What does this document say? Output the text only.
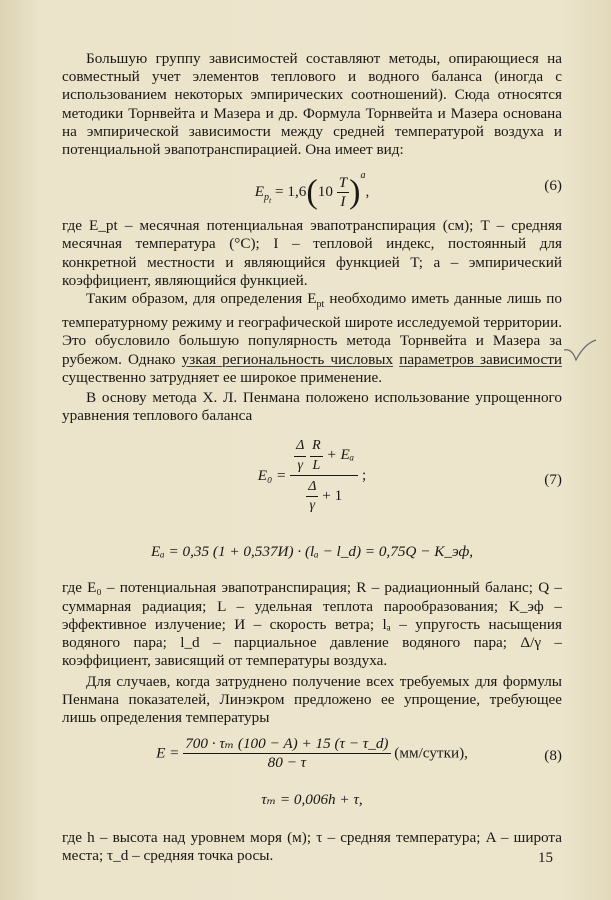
Большую группу зависимостей составляют методы, опирающиеся на совместный учет элементов теплового и водного баланса (иногда с использованием некоторых эмпирических соотношений). Сюда относятся методики Торнвейта и Мазера и др. Формула Торнвейта и Мазера основана на эмпирической зависимости между средней температурой воздуха и потенциальной эвапотранспирацией. Она имеет вид:

$E_{p_t} = 1,6(10 \frac{T}{I} )^a$,	(6)

где E_pt – месячная потенциальная эвапотранспирация (см); T – средняя месячная температура (°C); I – тепловой индекс, постоянный для конкретной местности и являющийся функцией T; a – эмпирический коэффициент, являющийся функцией.

Таким образом, для определения $E_{pt}$ необходимо иметь данные лишь по температурному режиму и географической широте исследуемой территории. Это обусловило большую популярность метода Торнвейта и Мазера за рубежом. Однако узкая региональность числовых параметров зависимости существенно затрудняет ее широкое применение.

В основу метода Х. Л. Пенмана положено использование упрощенного уравнения теплового баланса

$E_0 = \frac{\Delta}{\gamma}$
$\frac{R}{L} + E_a$
$\frac{\Delta}{\gamma} + 1$ ;	(7)
Eₐ = 0,35 (1 + 0,537И) · (lₐ − l_d) = 0,75Q − K_эф,

где E₀ – потенциальная эвапотранспирация; R – радиационный баланс; Q – суммарная радиация; L – удельная теплота парообразования; K_эф – эффективное излучение; И – скорость ветра; lₐ – упругость насыщения водяного пара; l_d – парциальное давление водяного пара; Δ/γ – коэффициент, зависящий от температуры воздуха.

Для случаев, когда затруднено получение всех требуемых для формулы Пенмана показателей, Линэкром предложено ее упрощение, требующее лишь определения температуры

$E = \frac{\text{700 · τₘ (100 − A) + 15 (τ − τ\_d)}}{80 - \tau}$ (мм/сутки),	(8)
τₘ = 0,006h + τ,

где h – высота над уровнем моря (м); τ – средняя температура; A – широта места; τ_d – средняя точка росы.	15
